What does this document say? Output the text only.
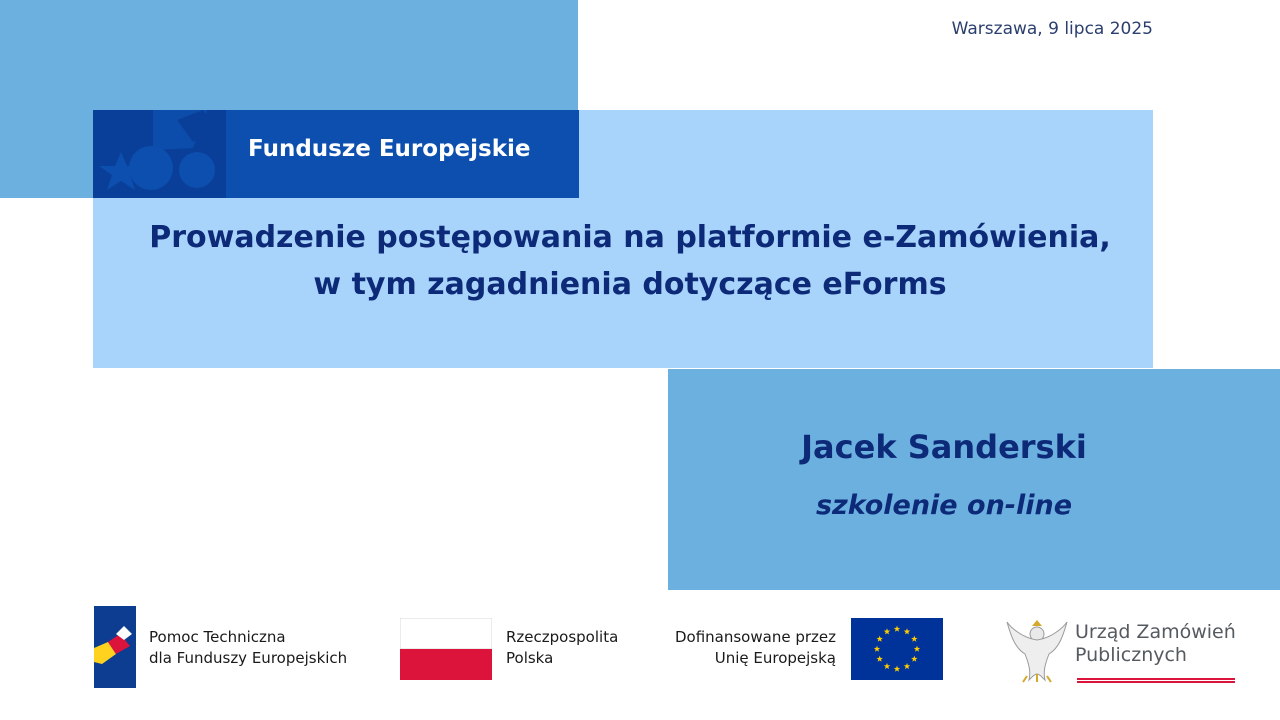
Warszawa, 9 lipca 2025
Fundusze Europejskie
Prowadzenie postępowania na platformie e-Zamówienia,
w tym zagadnienia dotyczące eForms
Jacek Sanderski
szkolenie on-line
Pomoc Techniczna
dla Funduszy Europejskich
Rzeczpospolita
Polska
Dofinansowane przez
Unię Europejską
Urząd Zamówień
Publicznych
